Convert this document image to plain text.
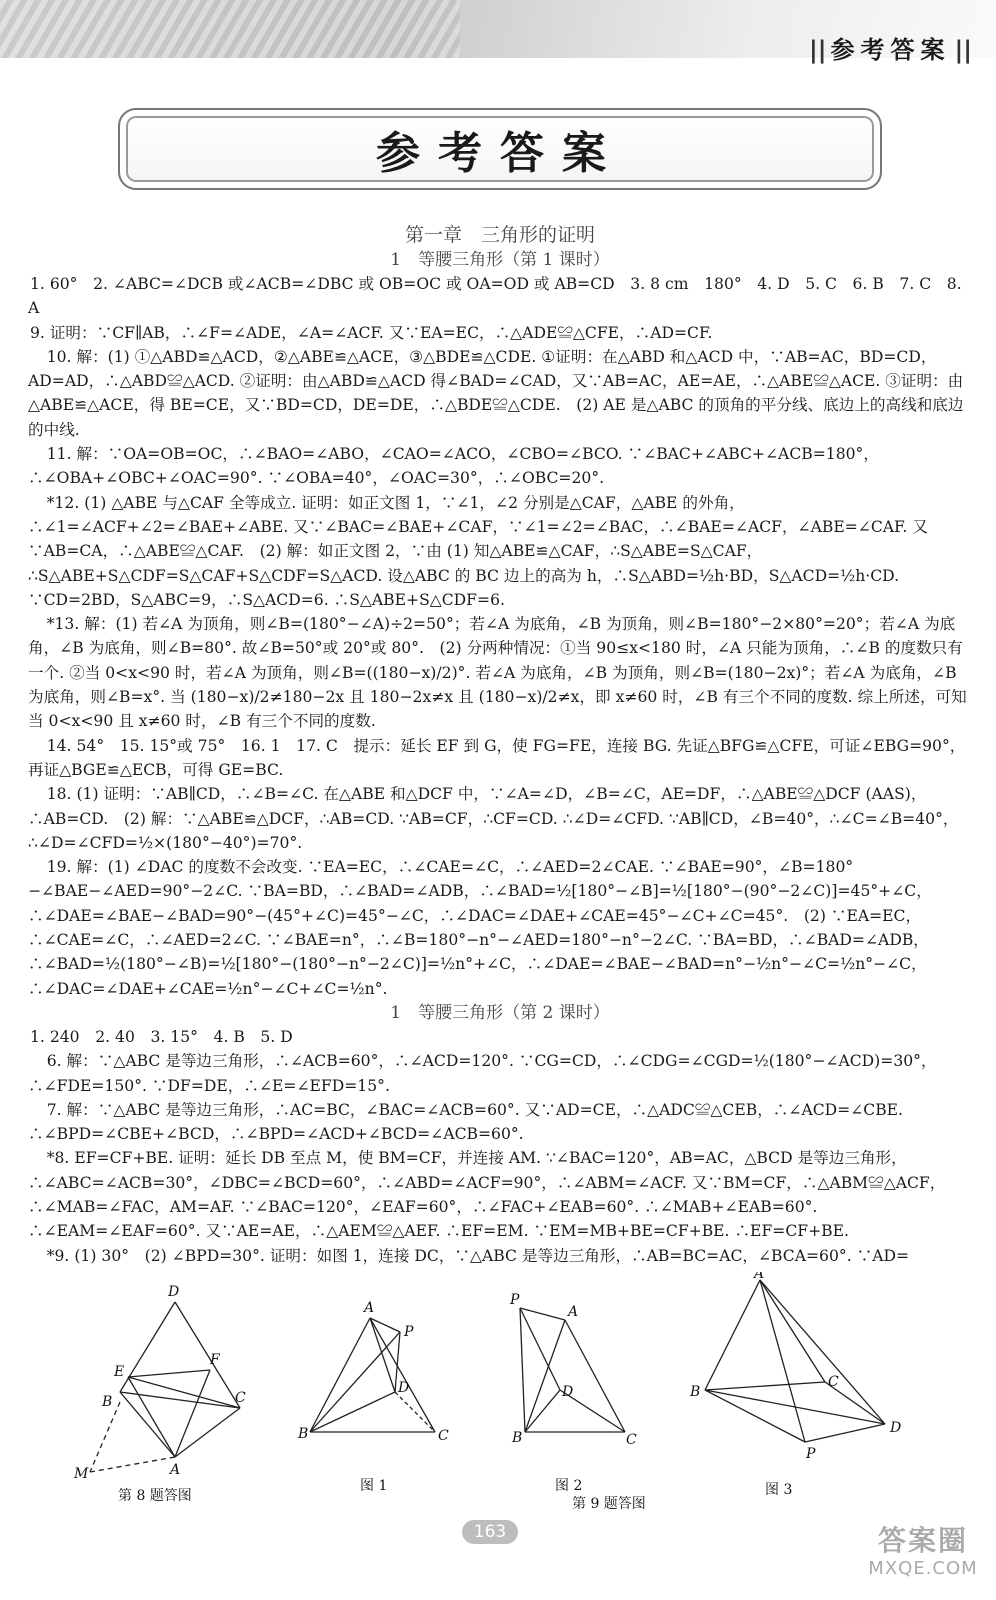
|| 参考答案 ||
参考答案
第一章　三角形的证明
1　等腰三角形（第 1 课时）

1. 60°　2. ∠ABC=∠DCB 或∠ACB=∠DBC 或 OB=OC 或 OA=OD 或 AB=CD　3. 8 cm　180°　4. D　5. C　6. B　7. C　8. A

9. 证明：∵CF∥AB，∴∠F=∠ADE，∠A=∠ACF. 又∵EA=EC，∴△ADE≌△CFE，∴AD=CF.

10. 解：(1) ①△ABD≌△ACD，②△ABE≌△ACE，③△BDE≌△CDE. ①证明：在△ABD 和△ACD 中，∵AB=AC，BD=CD，AD=AD，∴△ABD≌△ACD. ②证明：由△ABD≌△ACD 得∠BAD=∠CAD，又∵AB=AC，AE=AE，∴△ABE≌△ACE. ③证明：由△ABE≌△ACE，得 BE=CE，又∵BD=CD，DE=DE，∴△BDE≌△CDE.　(2) AE 是△ABC 的顶角的平分线、底边上的高线和底边的中线.

11. 解：∵OA=OB=OC，∴∠BAO=∠ABO，∠CAO=∠ACO，∠CBO=∠BCO. ∵∠BAC+∠ABC+∠ACB=180°，∴∠OBA+∠OBC+∠OAC=90°. ∵∠OBA=40°，∠OAC=30°，∴∠OBC=20°.

*12. (1) △ABE 与△CAF 全等成立. 证明：如正文图 1，∵∠1，∠2 分别是△CAF，△ABE 的外角，∴∠1=∠ACF+∠2=∠BAE+∠ABE. 又∵∠BAC=∠BAE+∠CAF，∵∠1=∠2=∠BAC，∴∠BAE=∠ACF，∠ABE=∠CAF. 又∵AB=CA，∴△ABE≌△CAF.　(2) 解：如正文图 2，∵由 (1) 知△ABE≌△CAF，∴S△ABE=S△CAF，∴S△ABE+S△CDF=S△CAF+S△CDF=S△ACD. 设△ABC 的 BC 边上的高为 h，∴S△ABD=½h·BD，S△ACD=½h·CD. ∵CD=2BD，S△ABC=9，∴S△ACD=6. ∴S△ABE+S△CDF=6.

*13. 解：(1) 若∠A 为顶角，则∠B=(180°−∠A)÷2=50°；若∠A 为底角，∠B 为顶角，则∠B=180°−2×80°=20°；若∠A 为底角，∠B 为底角，则∠B=80°. 故∠B=50°或 20°或 80°.　(2) 分两种情况：①当 90≤x<180 时，∠A 只能为顶角，∴∠B 的度数只有一个. ②当 0<x<90 时，若∠A 为顶角，则∠B=((180−x)/2)°. 若∠A 为底角，∠B 为顶角，则∠B=(180−2x)°；若∠A 为底角，∠B 为底角，则∠B=x°. 当 (180−x)/2≠180−2x 且 180−2x≠x 且 (180−x)/2≠x，即 x≠60 时，∠B 有三个不同的度数. 综上所述，可知当 0<x<90 且 x≠60 时，∠B 有三个不同的度数.

14. 54°　15. 15°或 75°　16. 1　17. C　提示：延长 EF 到 G，使 FG=FE，连接 BG. 先证△BFG≌△CFE，可证∠EBG=90°，再证△BGE≌△ECB，可得 GE=BC.

18. (1) 证明：∵AB∥CD，∴∠B=∠C. 在△ABE 和△DCF 中，∵∠A=∠D，∠B=∠C，AE=DF，∴△ABE≌△DCF (AAS)，∴AB=CD.　(2) 解：∵△ABE≌△DCF，∴AB=CD. ∵AB=CF，∴CF=CD. ∴∠D=∠CFD. ∵AB∥CD，∠B=40°，∴∠C=∠B=40°，∴∠D=∠CFD=½×(180°−40°)=70°.

19. 解：(1) ∠DAC 的度数不会改变. ∵EA=EC，∴∠CAE=∠C，∴∠AED=2∠CAE. ∵∠BAE=90°，∠B=180°−∠BAE−∠AED=90°−2∠C. ∵BA=BD，∴∠BAD=∠ADB，∴∠BAD=½[180°−∠B]=½[180°−(90°−2∠C)]=45°+∠C，∴∠DAE=∠BAE−∠BAD=90°−(45°+∠C)=45°−∠C，∴∠DAC=∠DAE+∠CAE=45°−∠C+∠C=45°.　(2) ∵EA=EC，∴∠CAE=∠C，∴∠AED=2∠C. ∵∠BAE=n°，∴∠B=180°−n°−∠AED=180°−n°−2∠C. ∵BA=BD，∴∠BAD=∠ADB，∴∠BAD=½(180°−∠B)=½[180°−(180°−n°−2∠C)]=½n°+∠C，∴∠DAE=∠BAE−∠BAD=n°−½n°−∠C=½n°−∠C，∴∠DAC=∠DAE+∠CAE=½n°−∠C+∠C=½n°.

1　等腰三角形（第 2 课时）

1. 240　2. 40　3. 15°　4. B　5. D

6. 解：∵△ABC 是等边三角形，∴∠ACB=60°，∴∠ACD=120°. ∵CG=CD，∴∠CDG=∠CGD=½(180°−∠ACD)=30°，∴∠FDE=150°. ∵DF=DE，∴∠E=∠EFD=15°.

7. 解：∵△ABC 是等边三角形，∴AC=BC，∠BAC=∠ACB=60°. 又∵AD=CE，∴△ADC≌△CEB，∴∠ACD=∠CBE. ∴∠BPD=∠CBE+∠BCD，∴∠BPD=∠ACD+∠BCD=∠ACB=60°.

*8. EF=CF+BE. 证明：延长 DB 至点 M，使 BM=CF，并连接 AM. ∵∠BAC=120°，AB=AC，△BCD 是等边三角形，∴∠ABC=∠ACB=30°，∠DBC=∠BCD=60°，∴∠ABD=∠ACF=90°，∴∠ABM=∠ACF. 又∵BM=CF，∴△ABM≌△ACF，∴∠MAB=∠FAC，AM=AF. ∵∠BAC=120°，∠EAF=60°，∴∠FAC+∠EAB=60°. ∴∠MAB+∠EAB=60°. ∴∠EAM=∠EAF=60°. 又∵AE=AE，∴△AEM≌△AEF. ∴EF=EM. ∵EM=MB+BE=CF+BE. ∴EF=CF+BE.

*9. (1) 30°　(2) ∠BPD=30°. 证明：如图 1，连接 DC，∵△ABC 是等边三角形，∴AB=BC=AC，∠BCA=60°. ∵AD=

D
F
E
B	C
A
M
第 8 题答图
A
P
D
B	C
图 1
P
A
D
B	C
图 2
第 9 题答图
A
B
C
D
P
图 3
163	答案圈
MXQE.COM
